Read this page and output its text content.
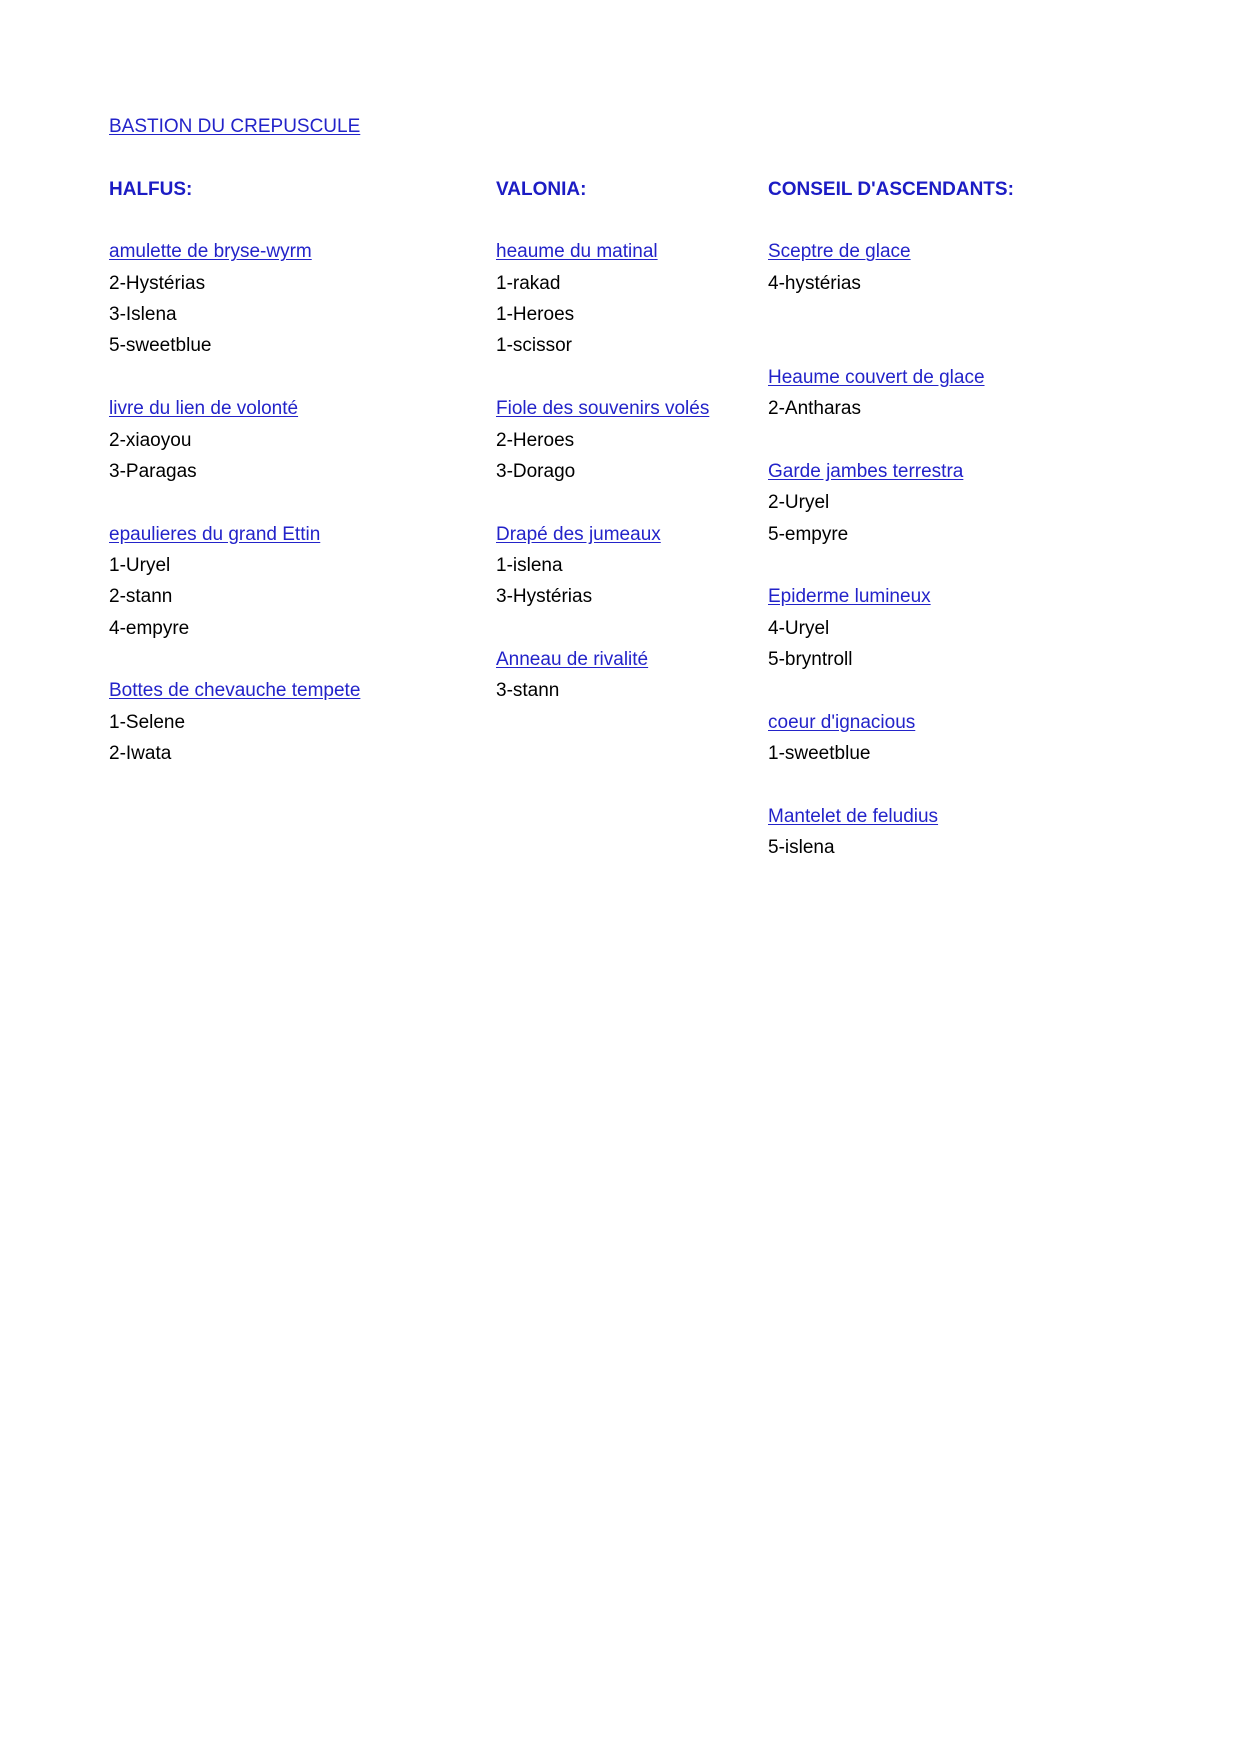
BASTION DU CREPUSCULE
HALFUS:
amulette de bryse-wyrm
2-Hystérias
3-Islena
5-sweetblue
livre du lien de volonté
2-xiaoyou
3-Paragas
epaulieres du grand Ettin
1-Uryel
2-stann
4-empyre
Bottes de chevauche tempete
1-Selene
2-Iwata
VALONIA:
heaume du matinal
1-rakad
1-Heroes
1-scissor
Fiole des souvenirs volés
2-Heroes
3-Dorago
Drapé des jumeaux
1-islena
3-Hystérias
Anneau de rivalité
3-stann
CONSEIL D'ASCENDANTS:
Sceptre de glace
4-hystérias
Heaume couvert de glace
2-Antharas
Garde jambes terrestra
2-Uryel
5-empyre
Epiderme lumineux
4-Uryel
5-bryntroll
coeur d'ignacious
1-sweetblue
Mantelet de feludius
5-islena
